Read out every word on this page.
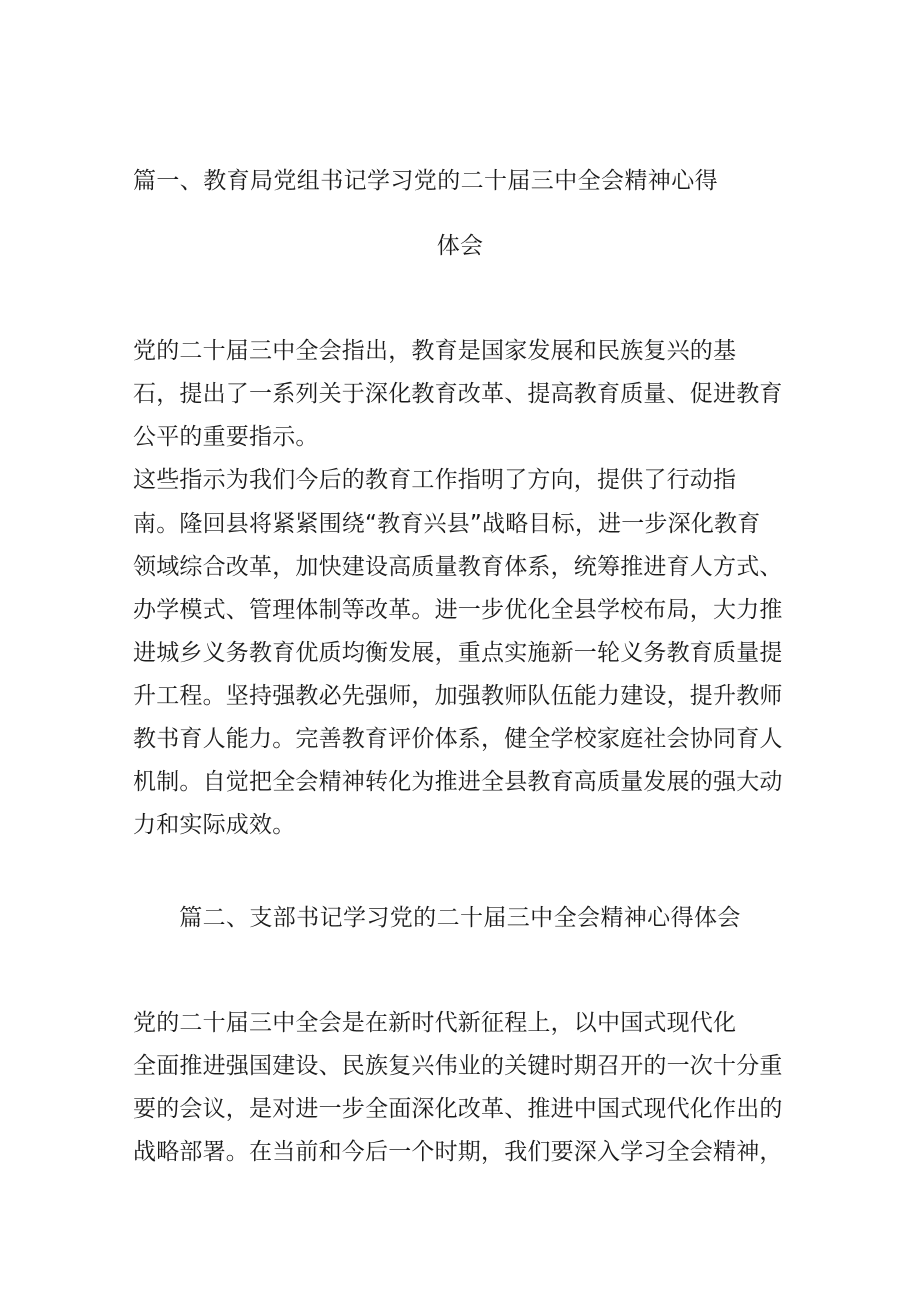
篇一、教育局党组书记学习党的二十届三中全会精神心得
体会
党的二十届三中全会指出，教育是国家发展和民族复兴的基
石，提出了一系列关于深化教育改革、提高教育质量、促进教育
公平的重要指示。
这些指示为我们今后的教育工作指明了方向，提供了行动指
南。隆回县将紧紧围绕“教育兴县”战略目标，进一步深化教育
领域综合改革，加快建设高质量教育体系，统筹推进育人方式、
办学模式、管理体制等改革。进一步优化全县学校布局，大力推
进城乡义务教育优质均衡发展，重点实施新一轮义务教育质量提
升工程。坚持强教必先强师，加强教师队伍能力建设，提升教师
教书育人能力。完善教育评价体系，健全学校家庭社会协同育人
机制。自觉把全会精神转化为推进全县教育高质量发展的强大动
力和实际成效。
篇二、支部书记学习党的二十届三中全会精神心得体会
党的二十届三中全会是在新时代新征程上，以中国式现代化
全面推进强国建设、民族复兴伟业的关键时期召开的一次十分重
要的会议，是对进一步全面深化改革、推进中国式现代化作出的
战略部署。在当前和今后一个时期，我们要深入学习全会精神，
